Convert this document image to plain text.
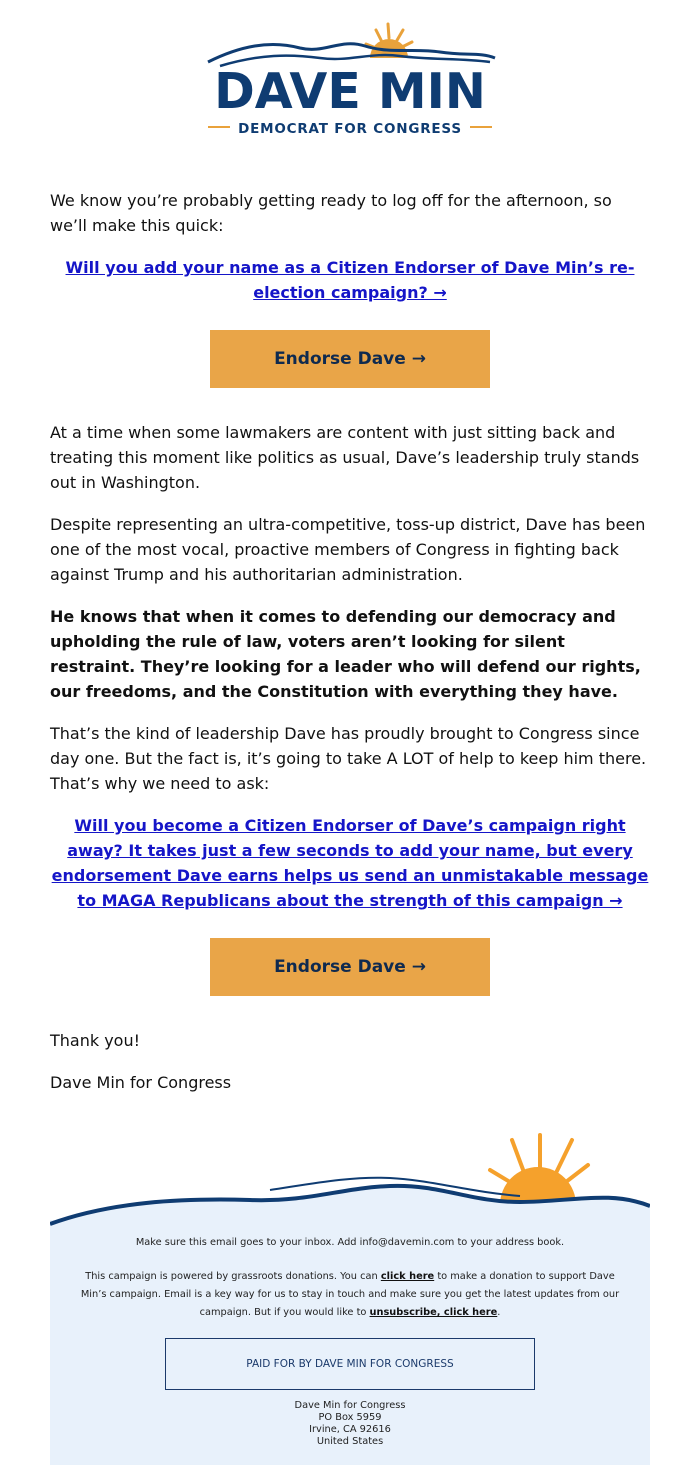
DAVE MIN
DEMOCRAT FOR CONGRESS

We know you’re probably getting ready to log off for the afternoon, so we’ll make this quick:

Will you add your name as a Citizen Endorser of Dave Min’s re-election campaign? →

Endorse Dave →

At a time when some lawmakers are content with just sitting back and treating this moment like politics as usual, Dave’s leadership truly stands out in Washington.

Despite representing an ultra-competitive, toss-up district, Dave has been one of the most vocal, proactive members of Congress in fighting back against Trump and his authoritarian administration.

He knows that when it comes to defending our democracy and upholding the rule of law, voters aren’t looking for silent restraint. They’re looking for a leader who will defend our rights, our freedoms, and the Constitution with everything they have.

That’s the kind of leadership Dave has proudly brought to Congress since day one. But the fact is, it’s going to take A LOT of help to keep him there. That’s why we need to ask:

Will you become a Citizen Endorser of Dave’s campaign right away? It takes just a few seconds to add your name, but every endorsement Dave earns helps us send an unmistakable message to MAGA Republicans about the strength of this campaign →

Endorse Dave →

Thank you!

Dave Min for Congress

Make sure this email goes to your inbox. Add info@davemin.com to your address book.

This campaign is powered by grassroots donations. You can click here to make a donation to support Dave Min’s campaign. Email is a key way for us to stay in touch and make sure you get the latest updates from our campaign. But if you would like to unsubscribe, click here.

PAID FOR BY DAVE MIN FOR CONGRESS
Dave Min for Congress
PO Box 5959
Irvine, CA 92616
United States
